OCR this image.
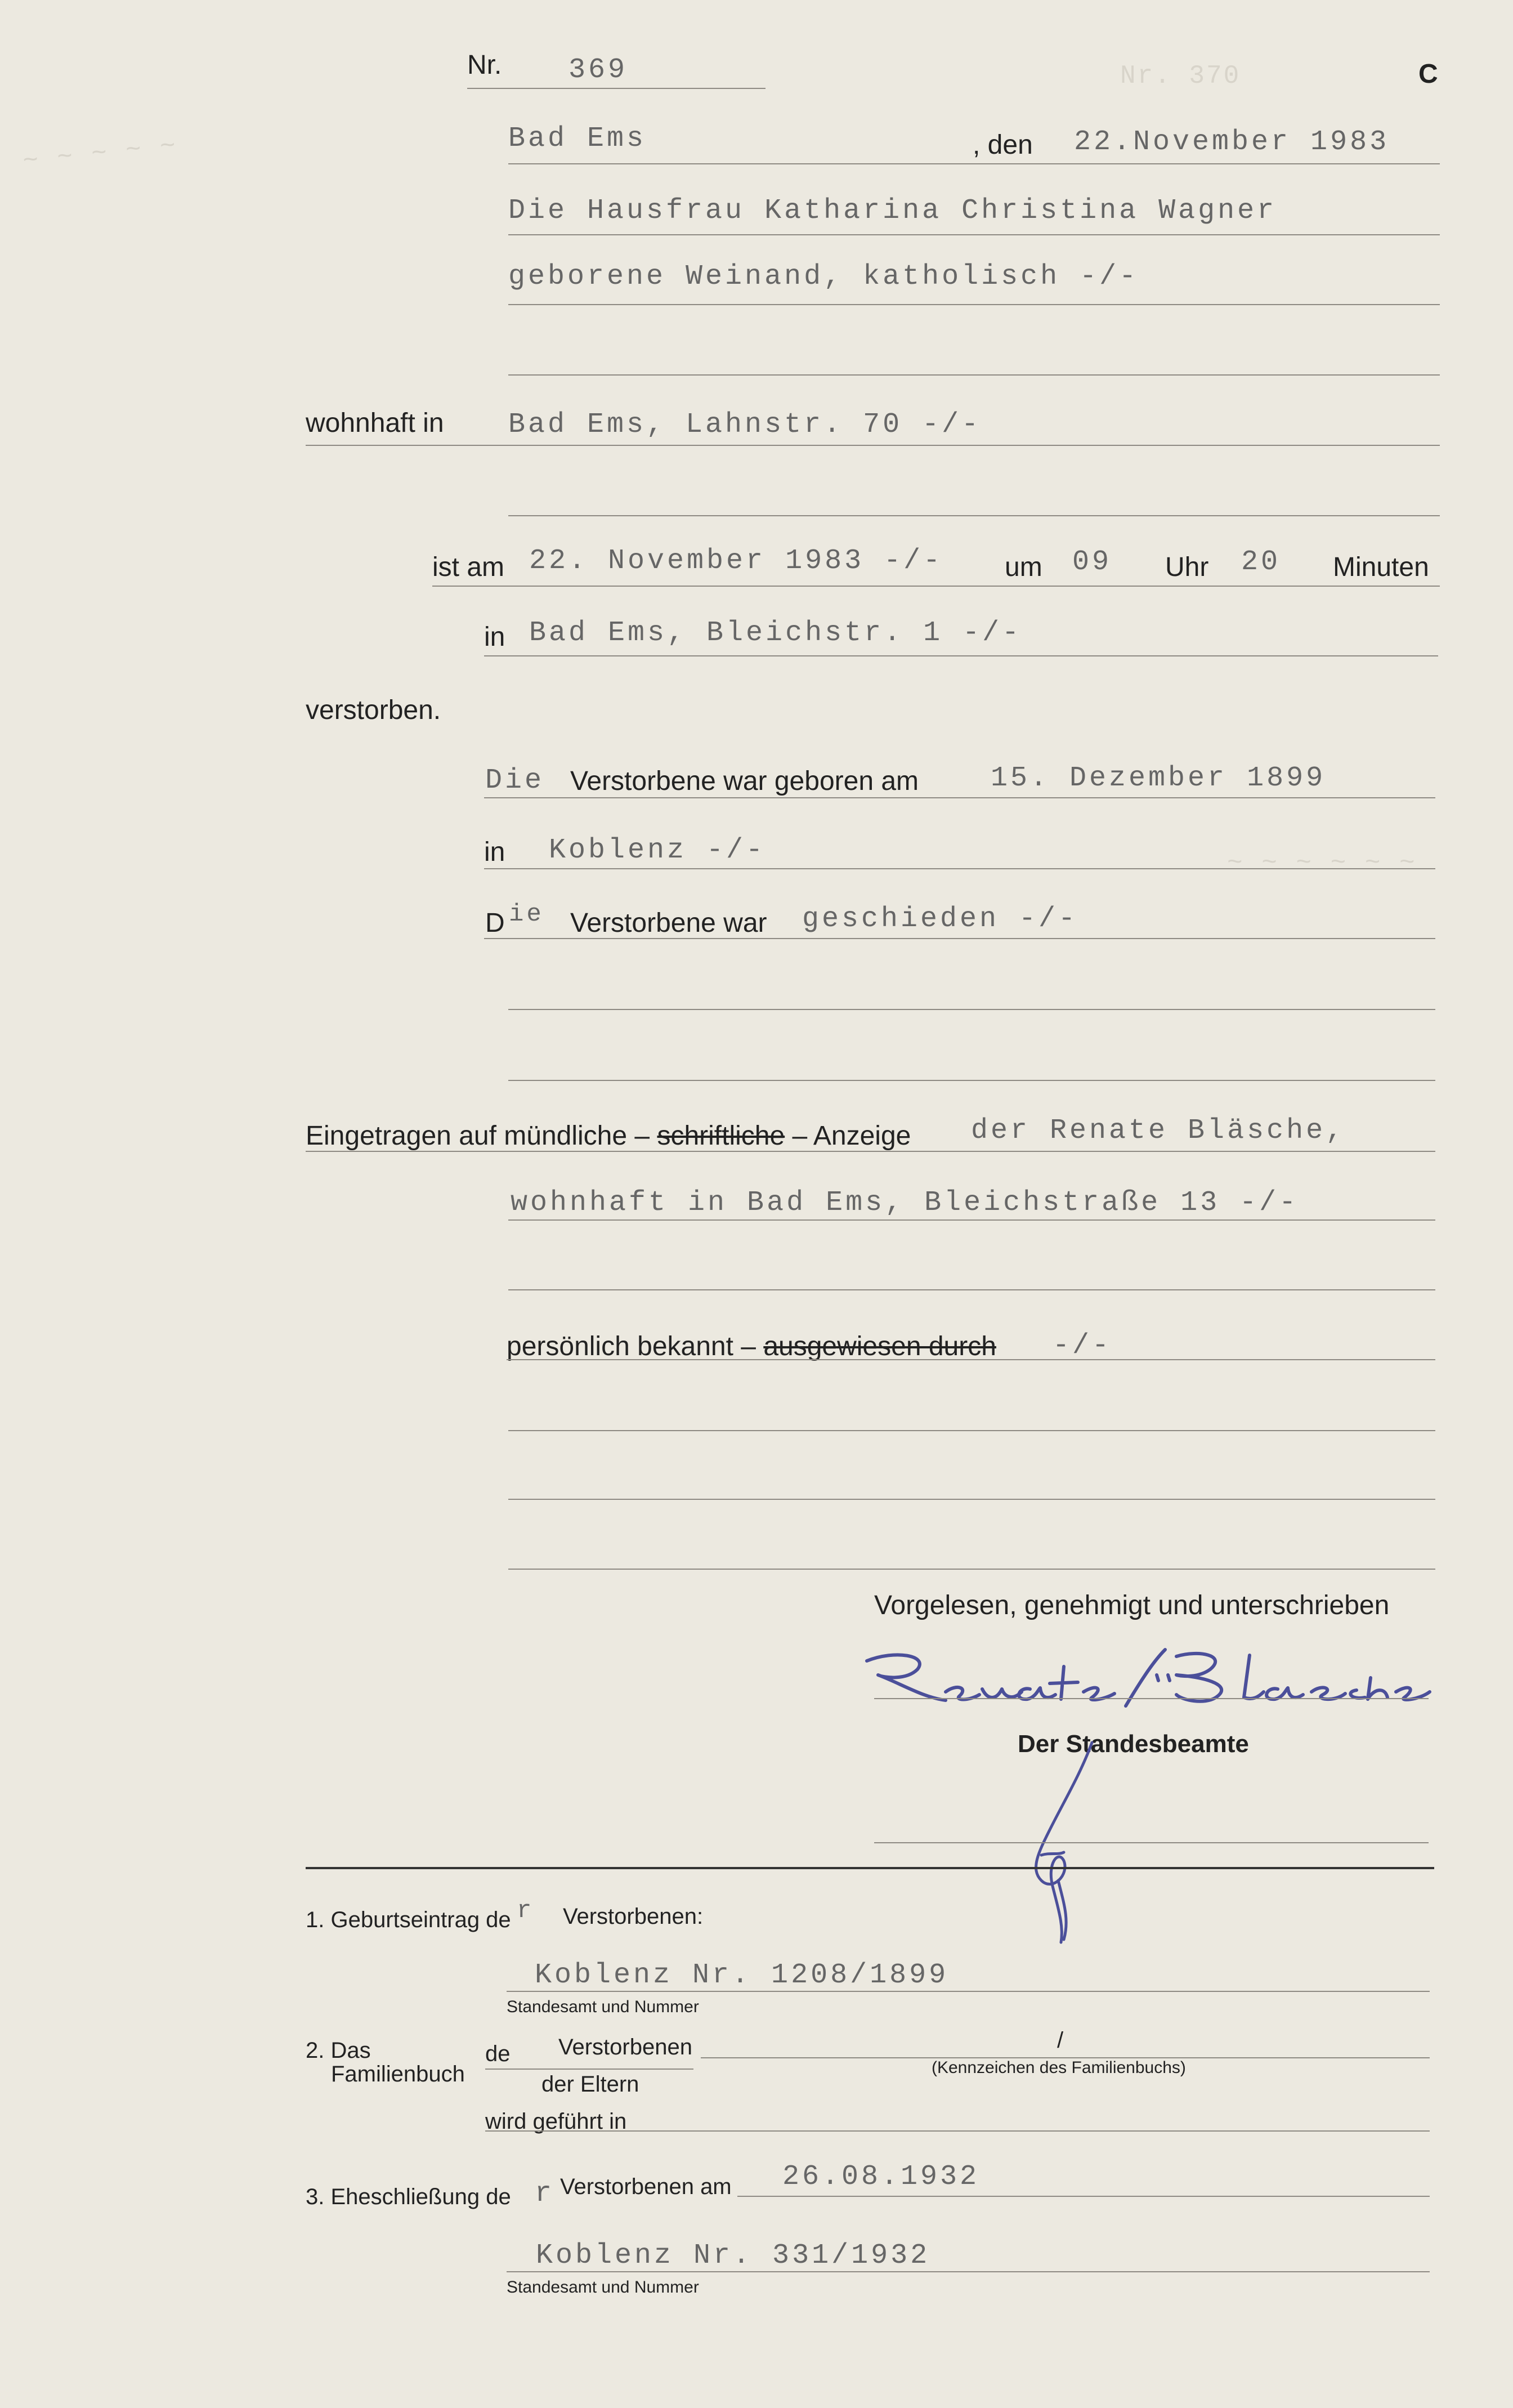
Nr. 370
~ ~ ~ ~ ~
~ ~ ~ ~ ~ ~
Nr. 369	C
Bad Ems	, den 22.November 1983
Die Hausfrau Katharina Christina Wagner
geborene Weinand, katholisch -/-
wohnhaft in Bad Ems, Lahnstr. 70 -/-
ist am 22. November 1983 -/- um 09 Uhr 20 Minuten
in Bad Ems, Bleichstr. 1 -/-
verstorben.
Die Verstorbene war geboren am	15. Dezember 1899
in Koblenz -/-
D ie Verstorbene war geschieden -/-
Eingetragen auf mündliche – schriftliche – Anzeige der Renate Bläsche,
wohnhaft in Bad Ems, Bleichstraße 13 -/-
persönlich bekannt – ausgewiesen durch -/-
Vorgelesen, genehmigt und unterschrieben
Der Standesbeamte
1. Geburtseintrag de r Verstorbenen:
Koblenz Nr. 1208/1899
Standesamt und Nummer
2. Das
Familienbuch
de Verstorbenen	/
(Kennzeichen des Familienbuchs)
der Eltern
wird geführt in
3. Eheschließung de r Verstorbenen am 26.08.1932
Koblenz Nr. 331/1932
Standesamt und Nummer
